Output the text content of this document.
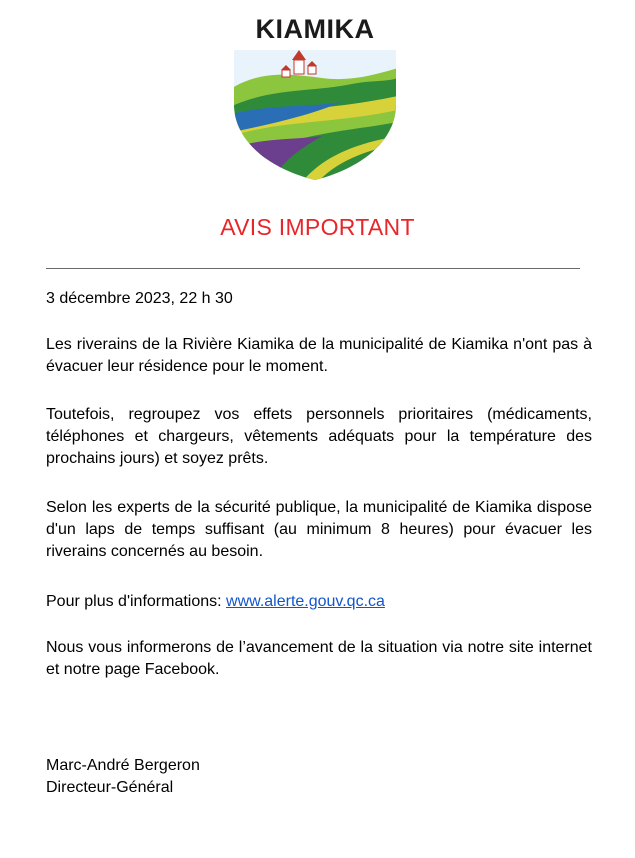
KIAMIKA
AVIS IMPORTANT
3 décembre 2023, 22 h 30
Les riverains de la Rivière Kiamika de la municipalité de Kiamika n'ont pas à évacuer leur résidence pour le moment.
Toutefois, regroupez vos effets personnels prioritaires (médicaments, téléphones et chargeurs, vêtements adéquats pour la température des prochains jours) et soyez prêts.
Selon les experts de la sécurité publique, la municipalité de Kiamika dispose d'un laps de temps suffisant (au minimum 8 heures) pour évacuer les riverains concernés au besoin.
Pour plus d'informations: www.alerte.gouv.qc.ca
Nous vous informerons de l’avancement de la situation via notre site internet et notre page Facebook.
Marc-André Bergeron
Directeur-Général
